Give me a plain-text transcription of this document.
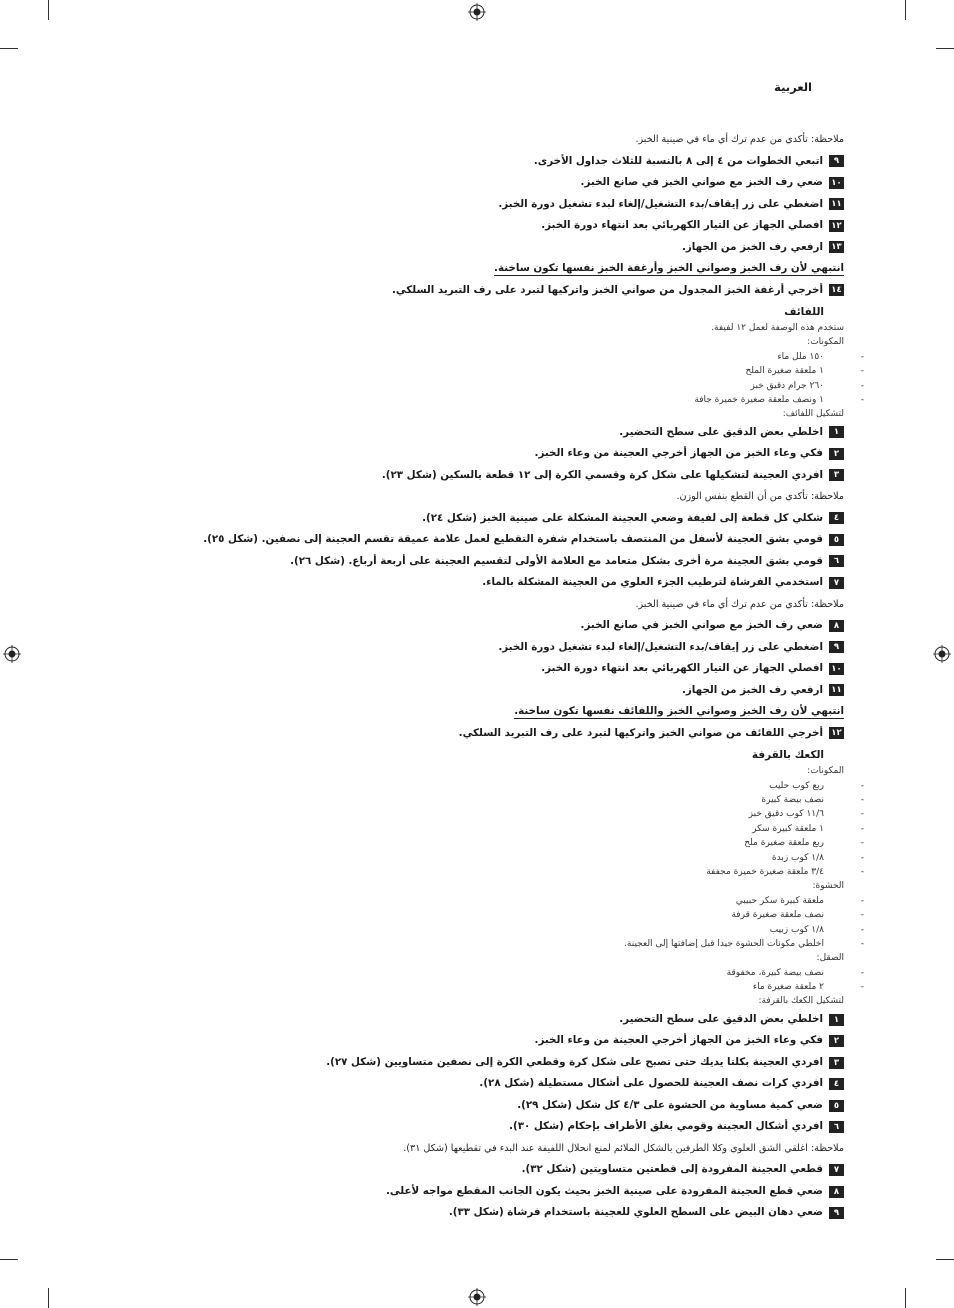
العربية
ملاحظة: تأكدي من عدم ترك أي ماء في صينية الخبز.
٩
اتبعي الخطوات من ٤ إلى ٨ بالنسبة للثلاث جداول الأخرى.
١٠
ضعي رف الخبز مع صواني الخبز في صانع الخبز.
١١
اضغطي على زر إيقاف/بدء التشغيل/إلغاء لبدء تشغيل دورة الخبز.
١٢
افصلي الجهاز عن التيار الكهربائي بعد انتهاء دورة الخبز.
١٣
ارفعي رف الخبز من الجهاز.
انتبهي لأن رف الخبز وصواني الخبز وأرغفة الخبز نفسها تكون ساخنة.
١٤
أخرجي أرغفة الخبز المجدول من صواني الخبز واتركيها لتبرد على رف التبريد السلكي.
اللفائف
ستخدم هذه الوصفة لعمل ١٢ لفيفة.
المكونات:
- ١٥٠ ملل ماء
- ١ ملعقة صغيرة الملح
- ٢٦٠ جرام دقيق خبز
- ١ ونصف ملعقة صغيرة خميرة جافة
لتشكيل اللفائف:
١
اخلطي بعض الدقيق على سطح التحضير.
٢
فكي وعاء الخبز من الجهاز أخرجي العجينة من وعاء الخبز.
٣
افردي العجينة لتشكيلها على شكل كرة وقسمي الكرة إلى ١٢ قطعة بالسكين (شكل ٢٣).
ملاحظة: تأكدي من أن القطع بنفس الوزن.
٤
شكلي كل قطعة إلى لفيفة وضعي العجينة المشكلة على صينية الخبز (شكل ٢٤).
٥
قومي بشق العجينة لأسفل من المنتصف باستخدام شفرة التقطيع لعمل علامة عميقة تقسم العجينة إلى نصفين. (شكل ٢٥).
٦
قومي بشق العجينة مرة أخرى بشكل متعامد مع العلامة الأولى لتقسيم العجينة على أربعة أرباع. (شكل ٢٦).
٧
استخدمي الفرشاة لترطيب الجزء العلوي من العجينة المشكلة بالماء.
ملاحظة: تأكدي من عدم ترك أي ماء في صينية الخبز.
٨
ضعي رف الخبز مع صواني الخبز في صانع الخبز.
٩
اضغطي على زر إيقاف/بدء التشغيل/إلغاء لبدء تشغيل دورة الخبز.
١٠
افصلي الجهاز عن التيار الكهربائي بعد انتهاء دورة الخبز.
١١
ارفعي رف الخبز من الجهاز.
انتبهي لأن رف الخبز وصواني الخبز واللفائف نفسها تكون ساخنة.
١٢
أخرجي اللفائف من صواني الخبز واتركيها لتبرد على رف التبريد السلكي.
الكعك بالقرفة
المكونات:
- ربع كوب حليب
- نصف بيضة كبيرة
- ١١/٦ كوب دقيق خبز
- ١ ملعقة كبيرة سكر
- ربع ملعقة صغيرة ملح
- ١/٨ كوب زبدة
- ٣/٤ ملعقة صغيرة خميرة مجففة
الحشوة:
- ملعقة كبيرة سكر حبيبي
- نصف ملعقة صغيرة قرفة
- ١/٨ كوب زبيب
- اخلطي مكونات الحشوة جيدا قبل إضافتها إلى العجينة.
الصقل:
- نصف بيضة كبيرة، مخفوقة
- ٢ ملعقة صغيرة ماء
لتشكيل الكعك بالقرفة:
١
اخلطي بعض الدقيق على سطح التحضير.
٢
فكي وعاء الخبز من الجهاز أخرجي العجينة من وعاء الخبز.
٣
افردي العجينة بكلتا يديك حتى تصبح على شكل كرة وقطعي الكرة إلى نصفين متساويين (شكل ٢٧).
٤
افردي كرات نصف العجينة للحصول على أشكال مستطيلة (شكل ٢٨).
٥
ضعي كمية مساوية من الحشوة على ٤/٣ كل شكل (شكل ٢٩).
٦
افردي أشكال العجينة وقومي بغلق الأطراف بإحكام (شكل ٣٠).
ملاحظة: اغلقي الشق العلوي وكلا الطرفين بالشكل الملائم لمنع انحلال اللفيفة عند البدء في تقطيعها (شكل ٣١).
٧
قطعي العجينة المفرودة إلى قطعتين متساويتين (شكل ٣٢).
٨
ضعي قطع العجينة المفرودة على صينية الخبز بحيث يكون الجانب المقطع مواجه لأعلى.
٩
ضعي دهان البيض على السطح العلوي للعجينة باستخدام فرشاة (شكل ٣٣).
